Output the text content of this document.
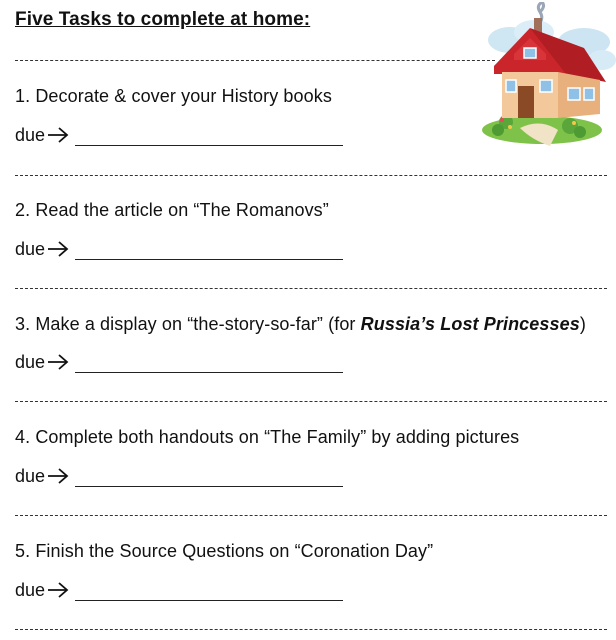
Five Tasks to complete at home:
1. Decorate & cover your History books
due
2. Read the article on “The Romanovs”
due
3. Make a display on “the-story-so-far” (for Russia’s Lost Princesses)
due
4. Complete both handouts on “The Family” by adding pictures
due
5. Finish the Source Questions on “Coronation Day”
due
